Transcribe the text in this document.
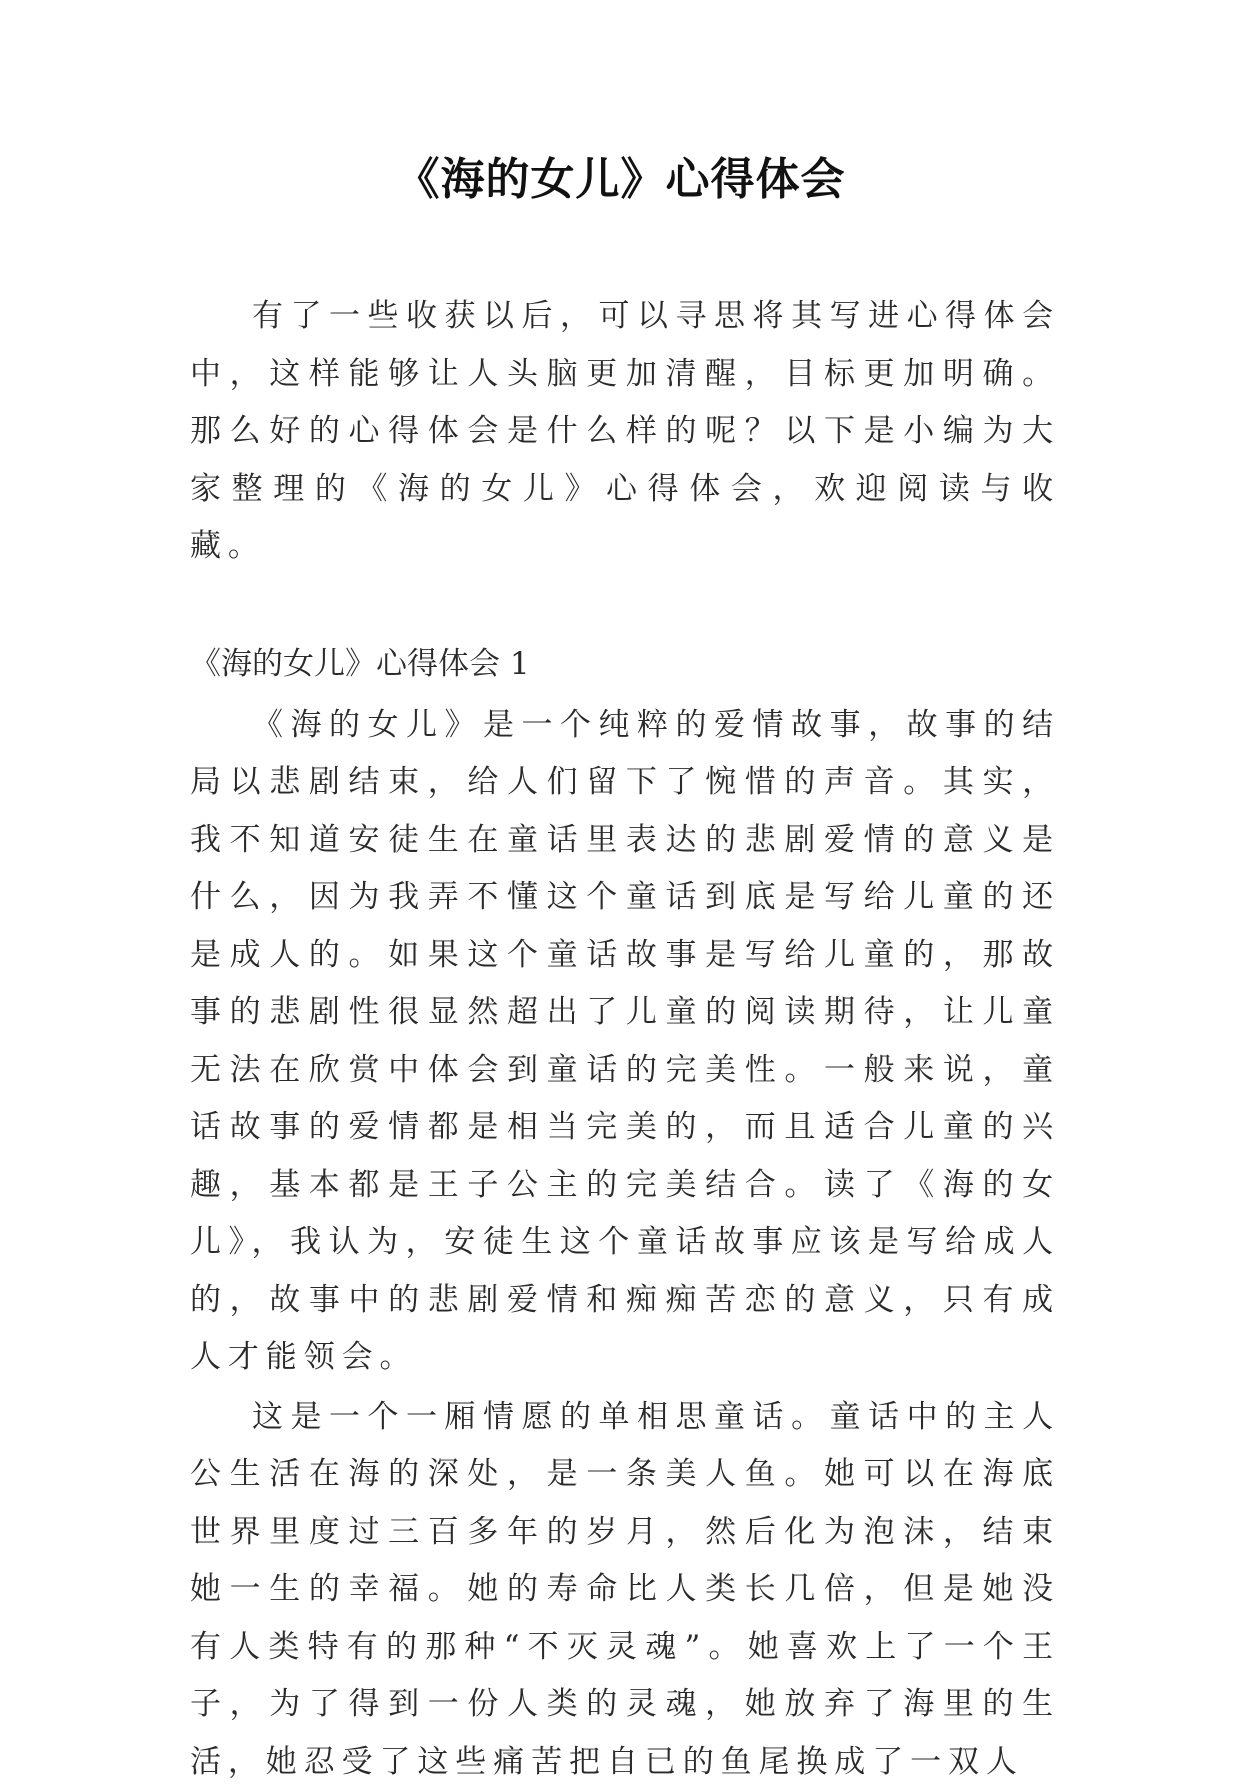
《海的女儿》心得体会

有了一些收获以后，可以寻思将其写进心得体会中，这样能够让人头脑更加清醒，目标更加明确。那么好的心得体会是什么样的呢？以下是小编为大家整理的《海的女儿》心得体会，欢迎阅读与收藏。

《海的女儿》心得体会 1

《海的女儿》是一个纯粹的爱情故事，故事的结局以悲剧结束，给人们留下了惋惜的声音。其实，我不知道安徒生在童话里表达的悲剧爱情的意义是什么，因为我弄不懂这个童话到底是写给儿童的还是成人的。如果这个童话故事是写给儿童的，那故事的悲剧性很显然超出了儿童的阅读期待，让儿童无法在欣赏中体会到童话的完美性。一般来说，童话故事的爱情都是相当完美的，而且适合儿童的兴趣，基本都是王子公主的完美结合。读了《海的女儿》，我认为，安徒生这个童话故事应该是写给成人的，故事中的悲剧爱情和痴痴苦恋的意义，只有成人才能领会。

这是一个一厢情愿的单相思童话。童话中的主人公生活在海的深处，是一条美人鱼。她可以在海底世界里度过三百多年的岁月，然后化为泡沫，结束她一生的幸福。她的寿命比人类长几倍，但是她没有人类特有的那种“不灭灵魂”。她喜欢上了一个王子，为了得到一份人类的灵魂，她放弃了海里的生活，她忍受了这些痛苦把自已的鱼尾换成了一双人
